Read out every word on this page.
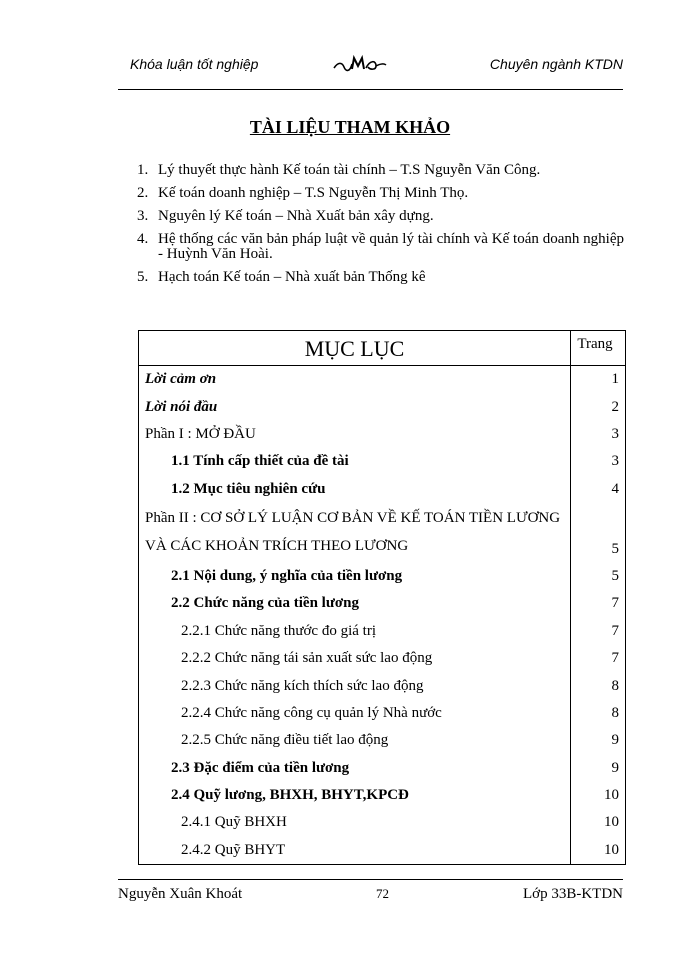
Khóa luận tốt nghiệp	Chuyên ngành KTDN
TÀI LIỆU THAM KHẢO
1. Lý thuyết thực hành Kế toán tài chính – T.S Nguyễn Văn Công.
2. Kế toán doanh nghiệp – T.S Nguyễn Thị Minh Thọ.
3. Nguyên lý Kế toán – Nhà Xuất bản xây dựng.
4. Hệ thống các văn bản pháp luật về quản lý tài chính và Kế toán doanh nghiệp - Huỳnh Văn Hoài.
5. Hạch toán Kế toán – Nhà xuất bản Thống kê
MỤC LỤC	Trang

Lời cảm ơn	1
Lời nói đầu	2
Phần I : MỞ ĐẦU	3
1.1 Tính cấp thiết của đề tài	3
1.2 Mục tiêu nghiên cứu	4

Phần II : CƠ SỞ LÝ LUẬN CƠ BẢN VỀ KẾ TOÁN TIỀN LƯƠNG VÀ CÁC KHOẢN TRÍCH THEO LƯƠNG	5
2.1 Nội dung, ý nghĩa của tiền lương	5
2.2 Chức năng của tiền lương	7
2.2.1 Chức năng thước đo giá trị	7
2.2.2 Chức năng tái sản xuất sức lao động	7
2.2.3 Chức năng kích thích sức lao động	8
2.2.4 Chức năng công cụ quản lý Nhà nước	8
2.2.5 Chức năng điều tiết lao động	9
2.3 Đặc điểm của tiền lương	9
2.4 Quỹ lương, BHXH, BHYT,KPCĐ	10
2.4.1 Quỹ BHXH	10
2.4.2 Quỹ BHYT	10
Nguyễn Xuân Khoát	72	Lớp 33B-KTDN
